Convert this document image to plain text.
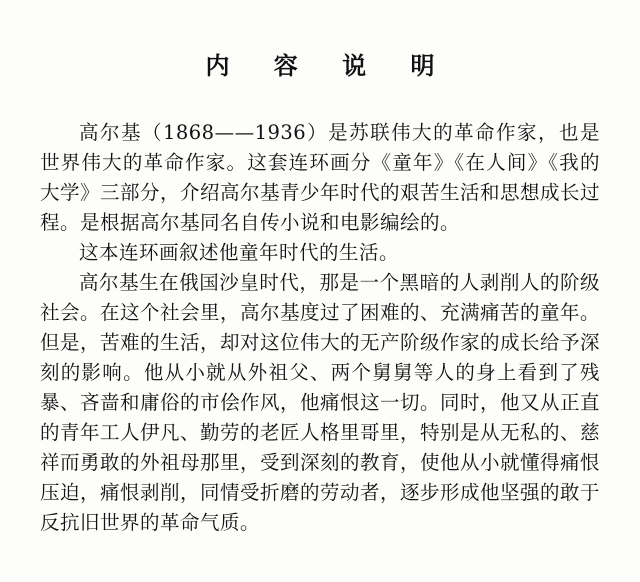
内 容 说 明

高尔基（1868——1936）是苏联伟大的革命作家，也是世界伟大的革命作家。这套连环画分《童年》《在人间》《我的大学》三部分，介绍高尔基青少年时代的艰苦生活和思想成长过程。是根据高尔基同名自传小说和电影编绘的。

这本连环画叙述他童年时代的生活。

高尔基生在俄国沙皇时代，那是一个黑暗的人剥削人的阶级社会。在这个社会里，高尔基度过了困难的、充满痛苦的童年。但是，苦难的生活，却对这位伟大的无产阶级作家的成长给予深刻的影响。他从小就从外祖父、两个舅舅等人的身上看到了残暴、吝啬和庸俗的市侩作风，他痛恨这一切。同时，他又从正直的青年工人伊凡、勤劳的老匠人格里哥里，特别是从无私的、慈祥而勇敢的外祖母那里，受到深刻的教育，使他从小就懂得痛恨压迫，痛恨剥削，同情受折磨的劳动者，逐步形成他坚强的敢于反抗旧世界的革命气质。
